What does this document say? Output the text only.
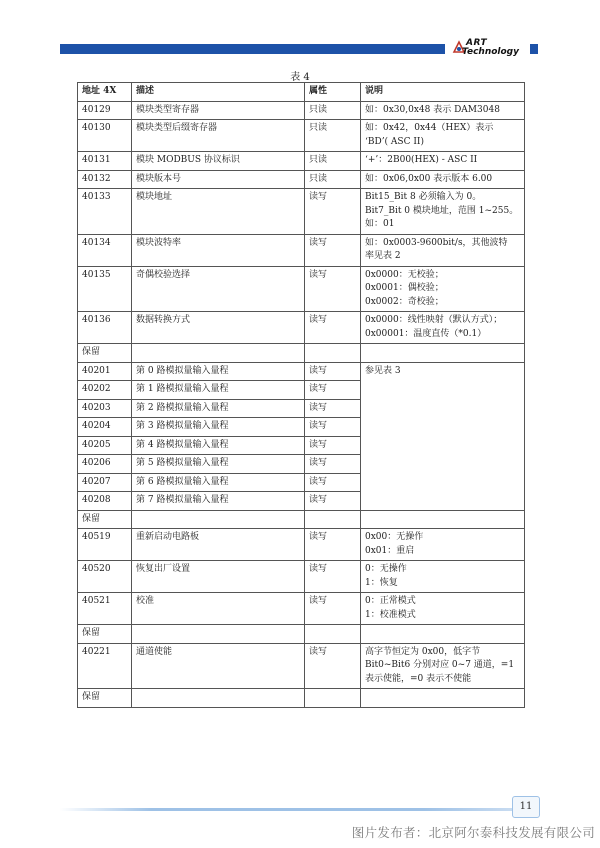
ART
Technology
表 4
地址 4X	描述	属性	说明
40129	模块类型寄存器	只读	如：0x30,0x48 表示 DAM3048

40130	模块类型后缀寄存器	只读	如：0x42，0x44（HEX）表示
‘BD’( ASC II)

40131	模块 MODBUS 协议标识	只读	‘+’：2B00(HEX) - ASC II

40132	模块版本号	只读	如：0x06,0x00 表示版本 6.00

40133	模块地址	读写	Bit15_Bit 8 必须输入为 0。
Bit7_Bit 0 模块地址，范围 1~255。
如：01

40134	模块波特率	读写	如：0x0003-9600bit/s，其他波特
率见表 2

40135	奇偶校验选择	读写	0x0000：无校验；
0x0001：偶校验；
0x0002：奇校验；

40136	数据转换方式	读写	0x0000：线性映射（默认方式）；
0x00001：温度直传（*0.1）

保留			
40201	第 0 路模拟量输入量程	读写	参见表 3
40202	第 1 路模拟量输入量程	读写	
40203	第 2 路模拟量输入量程	读写	
40204	第 3 路模拟量输入量程	读写	
40205	第 4 路模拟量输入量程	读写	
40206	第 5 路模拟量输入量程	读写	
40207	第 6 路模拟量输入量程	读写	
40208	第 7 路模拟量输入量程	读写	
保留			
40519	重新启动电路板	读写	0x00：无操作
0x01：重启

40520	恢复出厂设置	读写	0：无操作
1：恢复

40521	校准	读写	0：正常模式
1：校准模式

保留			
40221	通道使能	读写	高字节恒定为 0x00，低字节
Bit0~Bit6 分别对应 0~7 通道，=1
表示使能，=0 表示不使能

保留			
11
图片发布者：北京阿尔泰科技发展有限公司
